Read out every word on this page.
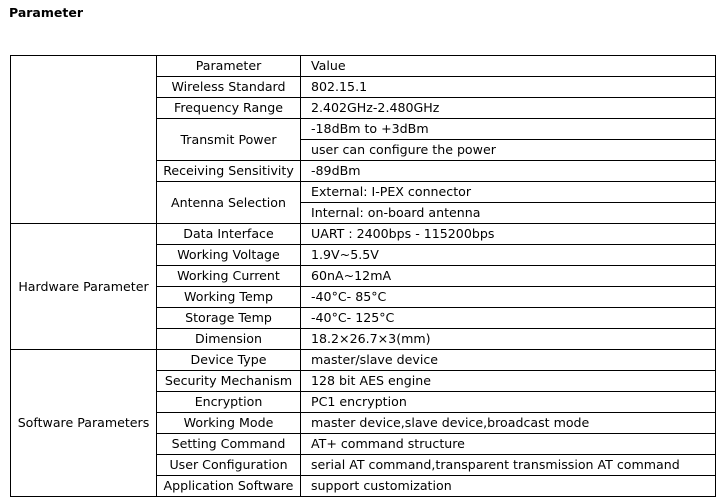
Parameter
	Parameter	Value
	Wireless Standard	802.15.1
	Frequency Range	2.402GHz-2.480GHz
	Transmit Power	-18dBm to +3dBm
		user can configure the power
	Receiving Sensitivity	-89dBm
	Antenna Selection	External: I-PEX connector
		Internal: on-board antenna
Hardware Parameter	Data Interface	UART : 2400bps - 115200bps
	Working Voltage	1.9V~5.5V
	Working Current	60nA~12mA
	Working Temp	-40°C- 85°C
	Storage Temp	-40°C- 125°C
	Dimension	18.2×26.7×3(mm)
Software Parameters	Device Type	master/slave device
	Security Mechanism	128 bit AES engine
	Encryption	PC1 encryption
	Working Mode	master device,slave device,broadcast mode
	Setting Command	AT+ command structure
	User Configuration	serial AT command,transparent transmission AT command
	Application Software	support customization
